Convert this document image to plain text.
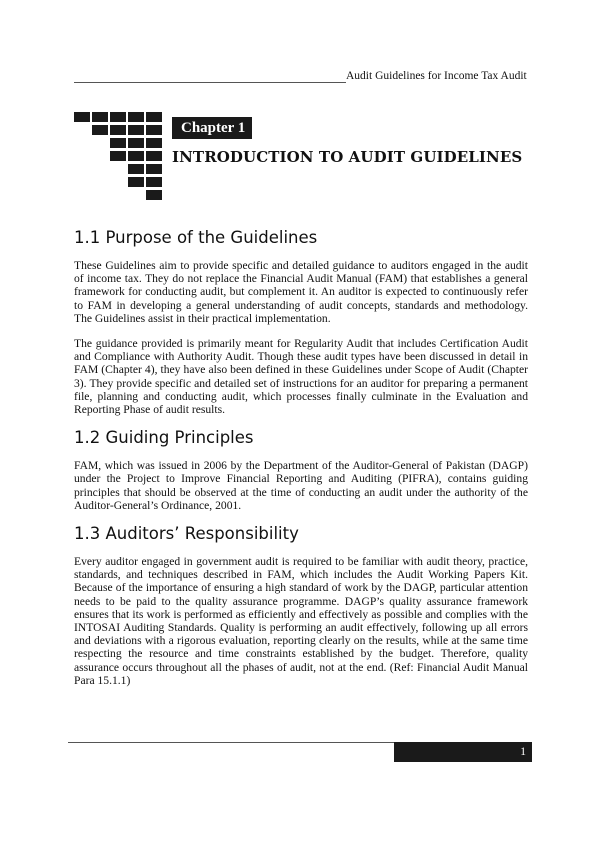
Audit Guidelines for Income Tax Audit
Chapter 1
INTRODUCTION TO AUDIT GUIDELINES
1.1 Purpose of the Guidelines

These Guidelines aim to provide specific and detailed guidance to auditors engaged in the audit of income tax. They do not replace the Financial Audit Manual (FAM) that establishes a general framework for conducting audit, but complement it. An auditor is expected to continuously refer to FAM in developing a general understanding of audit concepts, standards and methodology. The Guidelines assist in their practical implementation.

The guidance provided is primarily meant for Regularity Audit that includes Certification Audit and Compliance with Authority Audit. Though these audit types have been discussed in detail in FAM (Chapter 4), they have also been defined in these Guidelines under Scope of Audit (Chapter 3). They provide specific and detailed set of instructions for an auditor for preparing a permanent file, planning and conducting audit, which processes finally culminate in the Evaluation and Reporting Phase of audit results.

1.2 Guiding Principles

FAM, which was issued in 2006 by the Department of the Auditor-General of Pakistan (DAGP) under the Project to Improve Financial Reporting and Auditing (PIFRA), contains guiding principles that should be observed at the time of conducting an audit under the authority of the Auditor-General’s Ordinance, 2001.

1.3 Auditors’ Responsibility

Every auditor engaged in government audit is required to be familiar with audit theory, practice, standards, and techniques described in FAM, which includes the Audit Working Papers Kit. Because of the importance of ensuring a high standard of work by the DAGP, particular attention needs to be paid to the quality assurance programme. DAGP’s quality assurance framework ensures that its work is performed as efficiently and effectively as possible and complies with the INTOSAI Auditing Standards. Quality is performing an audit effectively, following up all errors and deviations with a rigorous evaluation, reporting clearly on the results, while at the same time respecting the resource and time constraints established by the budget. Therefore, quality assurance occurs throughout all the phases of audit, not at the end. (Ref: Financial Audit Manual Para 15.1.1)

1
